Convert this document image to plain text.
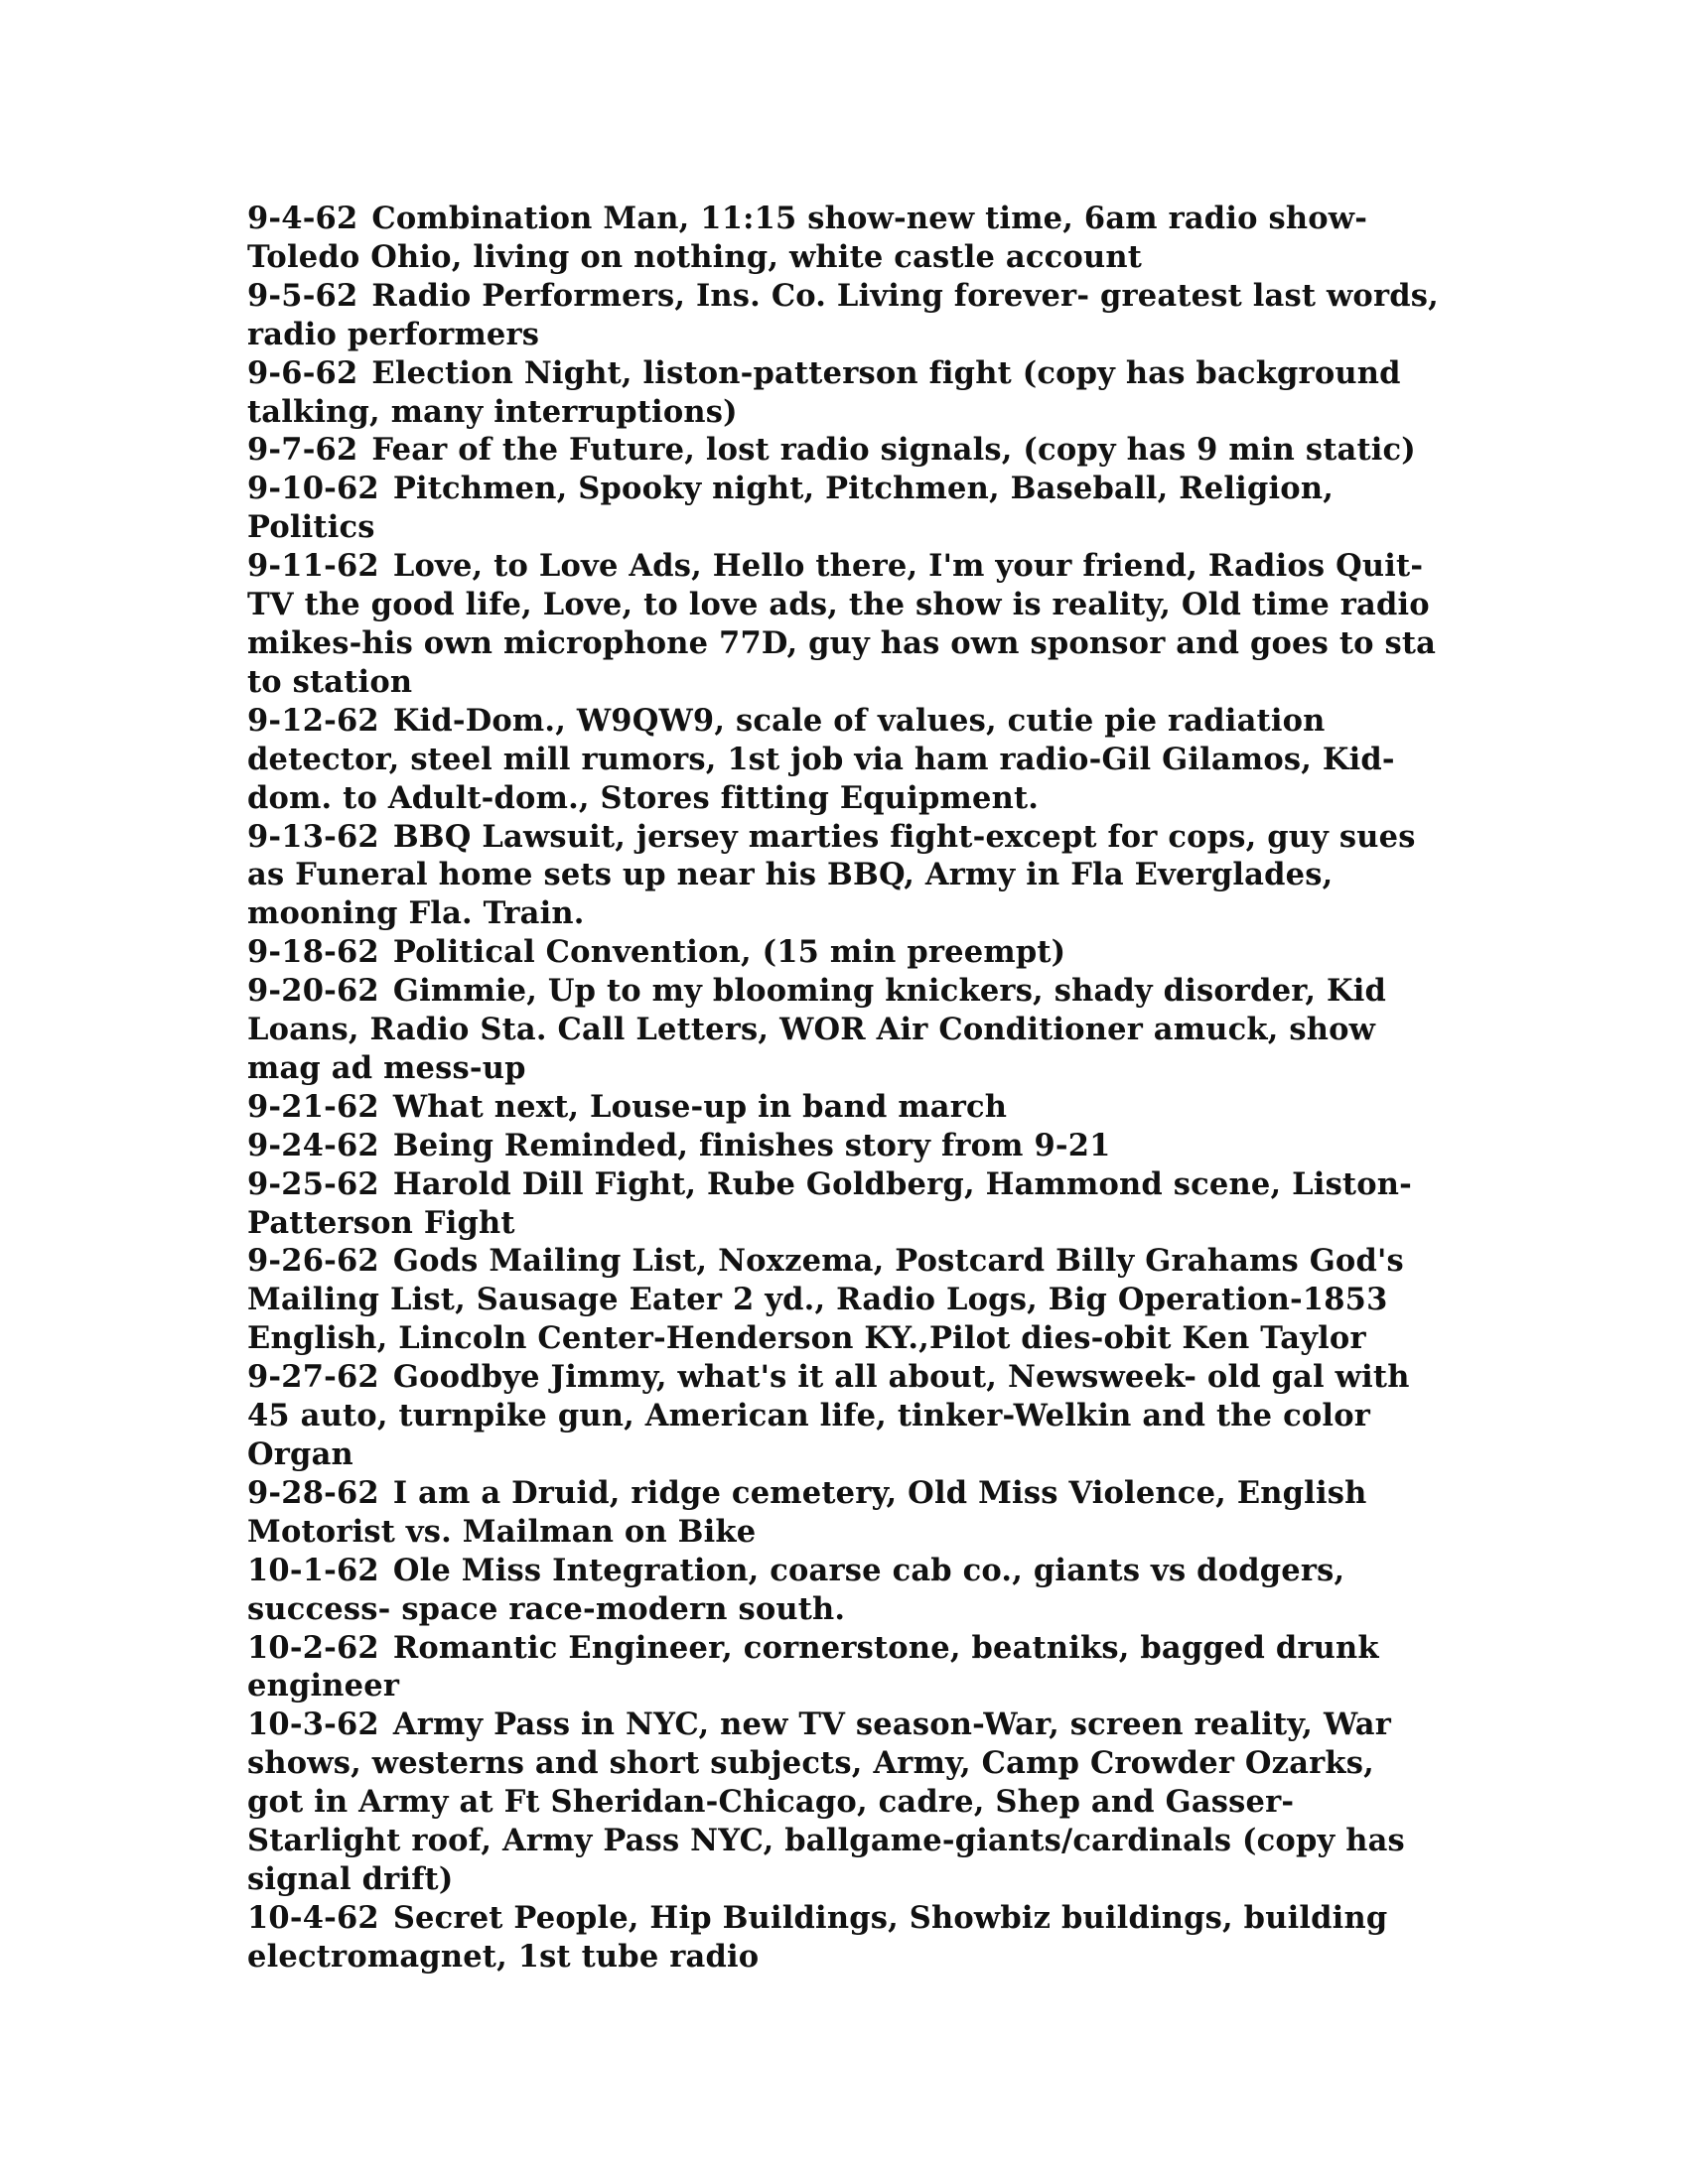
9-4-62 Combination Man, 11:15 show-new time, 6am radio show-Toledo Ohio, living on nothing, white castle account

9-5-62 Radio Performers, Ins. Co. Living forever- greatest last words, radio performers

9-6-62 Election Night, liston-patterson fight (copy has background talking, many interruptions)

9-7-62 Fear of the Future, lost radio signals, (copy has 9 min static)

9-10-62 Pitchmen, Spooky night, Pitchmen, Baseball, Religion, Politics

9-11-62 Love, to Love Ads, Hello there, I'm your friend, Radios Quit-TV the good life, Love, to love ads, the show is reality, Old time radio mikes-his own microphone 77D, guy has own sponsor and goes to sta to station

9-12-62 Kid-Dom., W9QW9, scale of values, cutie pie radiation detector, steel mill rumors, 1st job via ham radio-Gil Gilamos, Kid-dom. to Adult-dom., Stores fitting Equipment.

9-13-62 BBQ Lawsuit, jersey marties fight-except for cops, guy sues as Funeral home sets up near his BBQ, Army in Fla Everglades, mooning Fla. Train.

9-18-62 Political Convention, (15 min preempt)

9-20-62 Gimmie, Up to my blooming knickers, shady disorder, Kid Loans, Radio Sta. Call Letters, WOR Air Conditioner amuck, show mag ad mess-up

9-21-62 What next, Louse-up in band march

9-24-62 Being Reminded, finishes story from 9-21

9-25-62 Harold Dill Fight, Rube Goldberg, Hammond scene, Liston-Patterson Fight

9-26-62 Gods Mailing List, Noxzema, Postcard Billy Grahams God's Mailing List, Sausage Eater 2 yd., Radio Logs, Big Operation-1853 English, Lincoln Center-Henderson KY.,Pilot dies-obit Ken Taylor

9-27-62 Goodbye Jimmy, what's it all about, Newsweek- old gal with 45 auto, turnpike gun, American life, tinker-Welkin and the color Organ

9-28-62 I am a Druid, ridge cemetery, Old Miss Violence, English Motorist vs. Mailman on Bike

10-1-62 Ole Miss Integration, coarse cab co., giants vs dodgers, success- space race-modern south.

10-2-62 Romantic Engineer, cornerstone, beatniks, bagged drunk engineer

10-3-62 Army Pass in NYC, new TV season-War, screen reality, War shows, westerns and short subjects, Army, Camp Crowder Ozarks, got in Army at Ft Sheridan-Chicago, cadre, Shep and Gasser-Starlight roof, Army Pass NYC, ballgame-giants/cardinals (copy has signal drift)

10-4-62 Secret People, Hip Buildings, Showbiz buildings, building electromagnet, 1st tube radio
